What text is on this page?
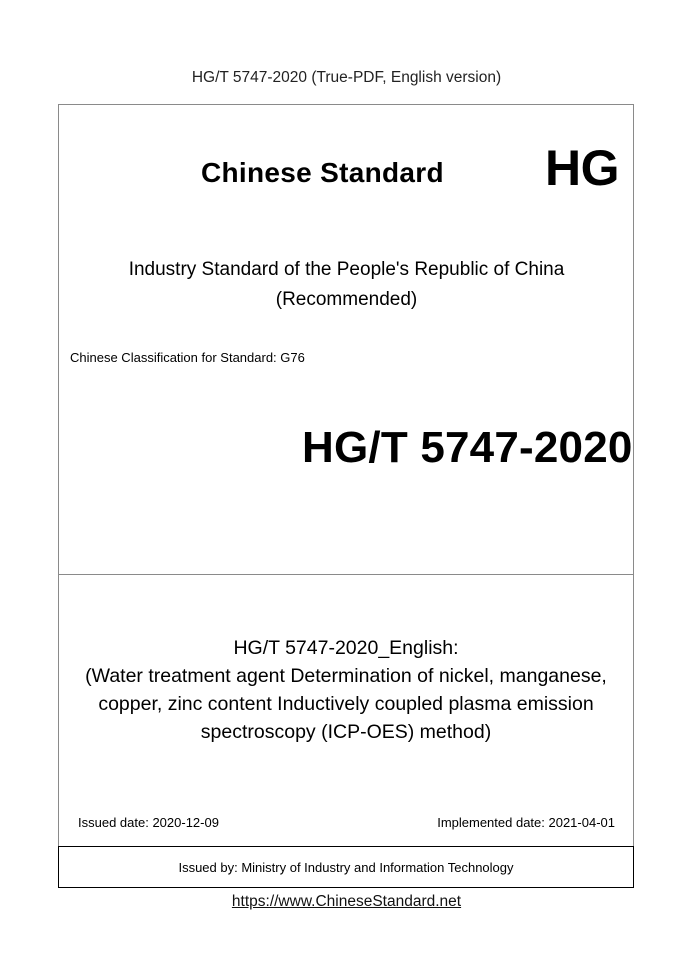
HG/T 5747-2020 (True-PDF, English version)
Chinese Standard HG
Industry Standard of the People's Republic of China
(Recommended)
Chinese Classification for Standard: G76
HG/T 5747-2020
HG/T 5747-2020_English:
(Water treatment agent Determination of nickel, manganese,
copper, zinc content Inductively coupled plasma emission
spectroscopy (ICP-OES) method)
Issued date: 2020-12-09	Implemented date: 2021-04-01
Issued by: Ministry of Industry and Information Technology
https://www.ChineseStandard.net
